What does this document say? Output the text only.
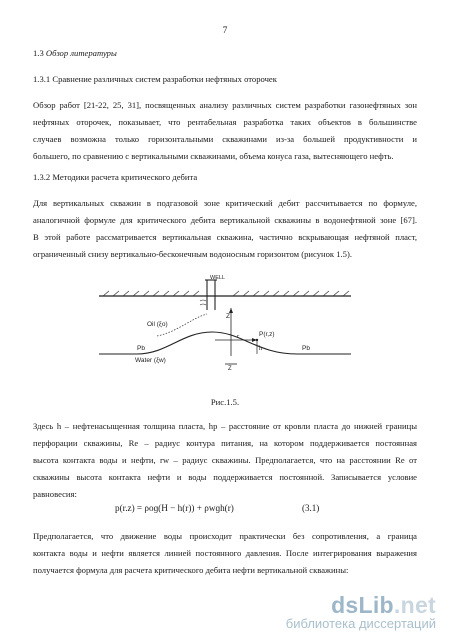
7
1.3 Обзор литературы
1.3.1 Сравнение различных систем разработки нефтяных оторочек
Обзор работ [21-22, 25, 31], посвященных анализу различных систем разработки газонефтяных зон
нефтяных оторочек, показывает, что рентабельная разработка таких объектов в большинстве
случаев возможна только горизонтальными скважинами из-за большей продуктивности и
большего, по сравнению с вертикальными скважинами, объема конуса газа, вытесняющего нефть.
1.3.2 Методики расчета критического дебита
Для вертикальных скважин в подгазовой зоне критический дебит рассчитывается по формуле,
аналогичной формуле для критического дебита вертикальной скважины в водонефтяной зоне [67].
В этой работе рассматривается вертикальная скважина, частично вскрывающая нефтяной пласт,
ограниченный снизу вертикально-бесконечным водоносным горизонтом (рисунок 1.5).
WELL
Z
Oil (ξo)
r	P(r,z)
h
Pb	Pb
Water (ξw)
Z
Рис.1.5.
Здесь h – нефтенасыщенная толщина пласта, hp – расстояние от кровли пласта до нижней границы
перфорации скважины, Re – радиус контура питания, на котором поддерживается постоянная
высота контакта воды и нефти, rw – радиус скважины. Предполагается, что на расстоянии Re от
скважины высота контакта нефти и воды поддерживается постоянной. Записывается условие
равновесия:
p(r.z) = ρoɡ(H − h(r)) + ρwɡh(r)	(3.1)
Предполагается, что движение воды происходит практически без сопротивления, а граница
контакта воды и нефти является линией постоянного давления. После интегрирования выражения
получается формула для расчета критического дебита нефти вертикальной скважины:
dsLib.net
библиотека диссертаций
